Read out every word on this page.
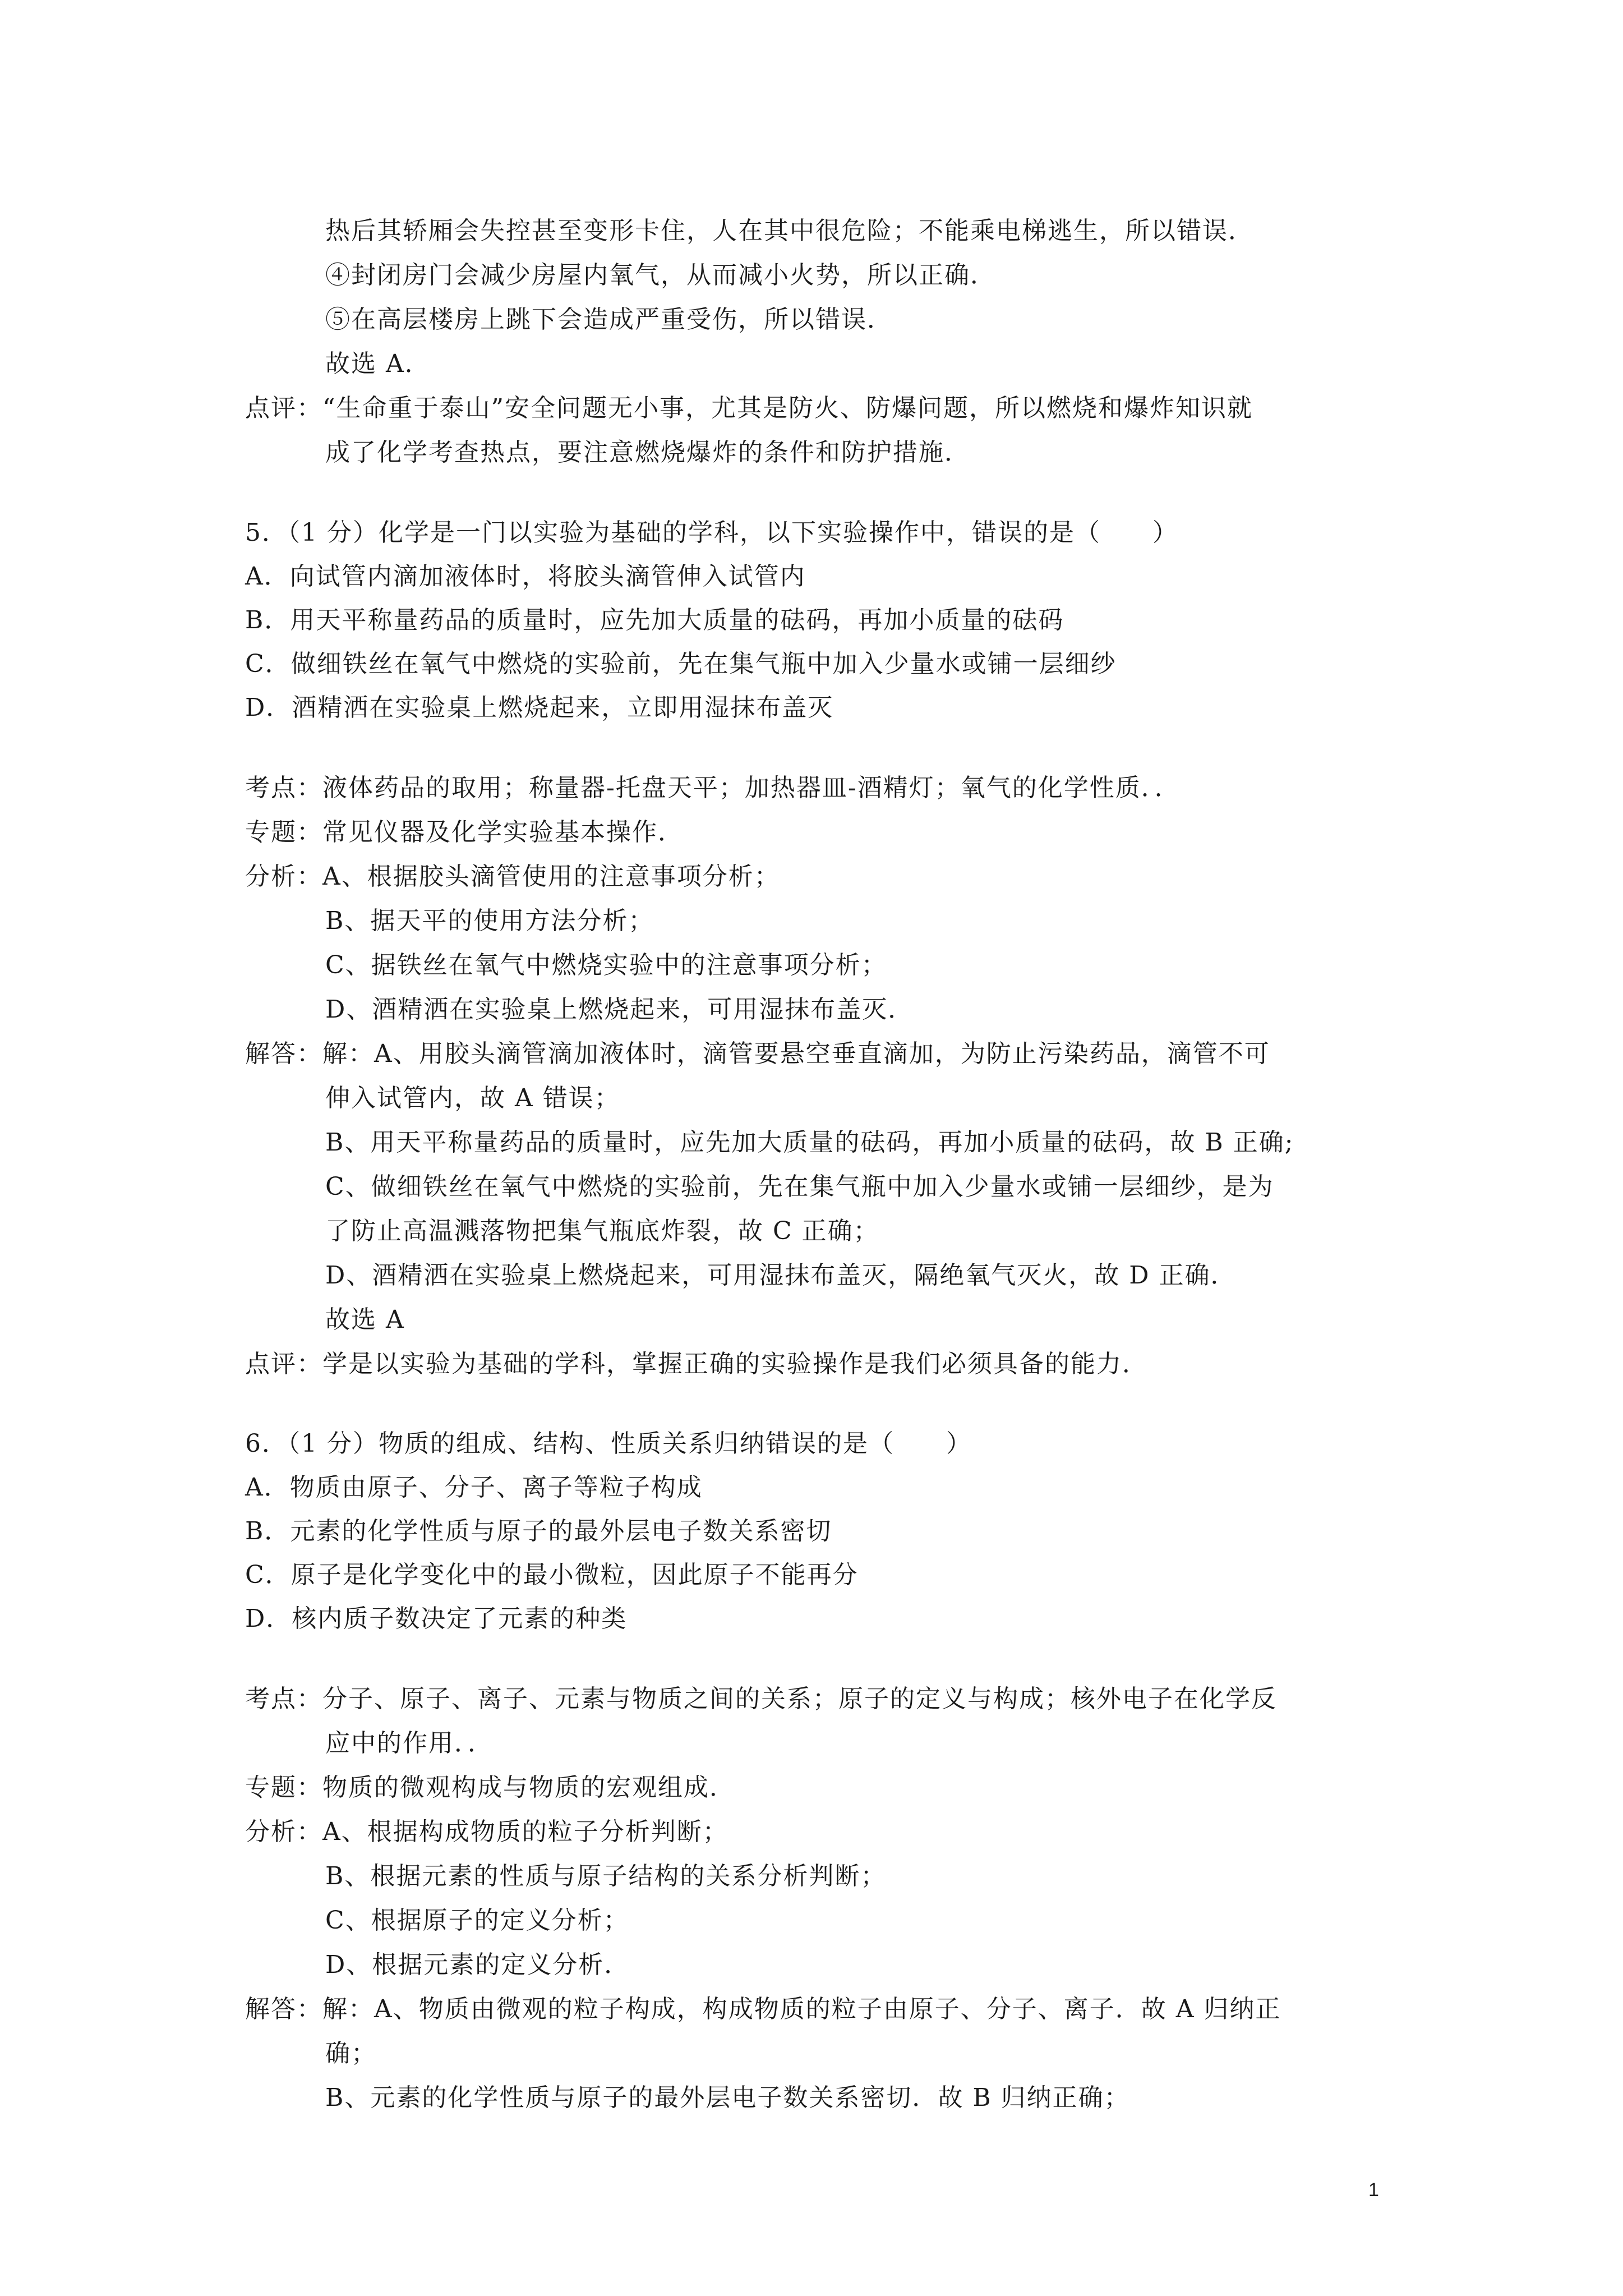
热后其轿厢会失控甚至变形卡住，人在其中很危险；不能乘电梯逃生，所以错误．
④封闭房门会减少房屋内氧气，从而减小火势，所以正确．
⑤在高层楼房上跳下会造成严重受伤，所以错误．
故选 A．
点评：“生命重于泰山”安全问题无小事，尤其是防火、防爆问题，所以燃烧和爆炸知识就
成了化学考查热点，要注意燃烧爆炸的条件和防护措施．
5．（1 分）化学是一门以实验为基础的学科，以下实验操作中，错误的是（　　）
A．向试管内滴加液体时，将胶头滴管伸入试管内
B．用天平称量药品的质量时，应先加大质量的砝码，再加小质量的砝码
C．做细铁丝在氧气中燃烧的实验前，先在集气瓶中加入少量水或铺一层细纱
D．酒精洒在实验桌上燃烧起来，立即用湿抹布盖灭
考点：液体药品的取用；称量器-托盘天平；加热器皿-酒精灯；氧气的化学性质．．
专题：常见仪器及化学实验基本操作．
分析：A、根据胶头滴管使用的注意事项分析；
B、据天平的使用方法分析；
C、据铁丝在氧气中燃烧实验中的注意事项分析；
D、酒精洒在实验桌上燃烧起来，可用湿抹布盖灭．
解答：解：A、用胶头滴管滴加液体时，滴管要悬空垂直滴加，为防止污染药品，滴管不可
伸入试管内，故 A 错误；
B、用天平称量药品的质量时，应先加大质量的砝码，再加小质量的砝码，故 B 正确;
C、做细铁丝在氧气中燃烧的实验前，先在集气瓶中加入少量水或铺一层细纱，是为
了防止高温溅落物把集气瓶底炸裂，故 C 正确；
D、酒精洒在实验桌上燃烧起来，可用湿抹布盖灭，隔绝氧气灭火，故 D 正确．
故选 A
点评：学是以实验为基础的学科，掌握正确的实验操作是我们必须具备的能力．
6．（1 分）物质的组成、结构、性质关系归纳错误的是（　　）
A．物质由原子、分子、离子等粒子构成
B．元素的化学性质与原子的最外层电子数关系密切
C．原子是化学变化中的最小微粒，因此原子不能再分
D．核内质子数决定了元素的种类
考点：分子、原子、离子、元素与物质之间的关系；原子的定义与构成；核外电子在化学反
应中的作用．．
专题：物质的微观构成与物质的宏观组成．
分析：A、根据构成物质的粒子分析判断；
B、根据元素的性质与原子结构的关系分析判断；
C、根据原子的定义分析；
D、根据元素的定义分析．
解答：解：A、物质由微观的粒子构成，构成物质的粒子由原子、分子、离子．故 A 归纳正
确；
B、元素的化学性质与原子的最外层电子数关系密切．故 B 归纳正确；
1
